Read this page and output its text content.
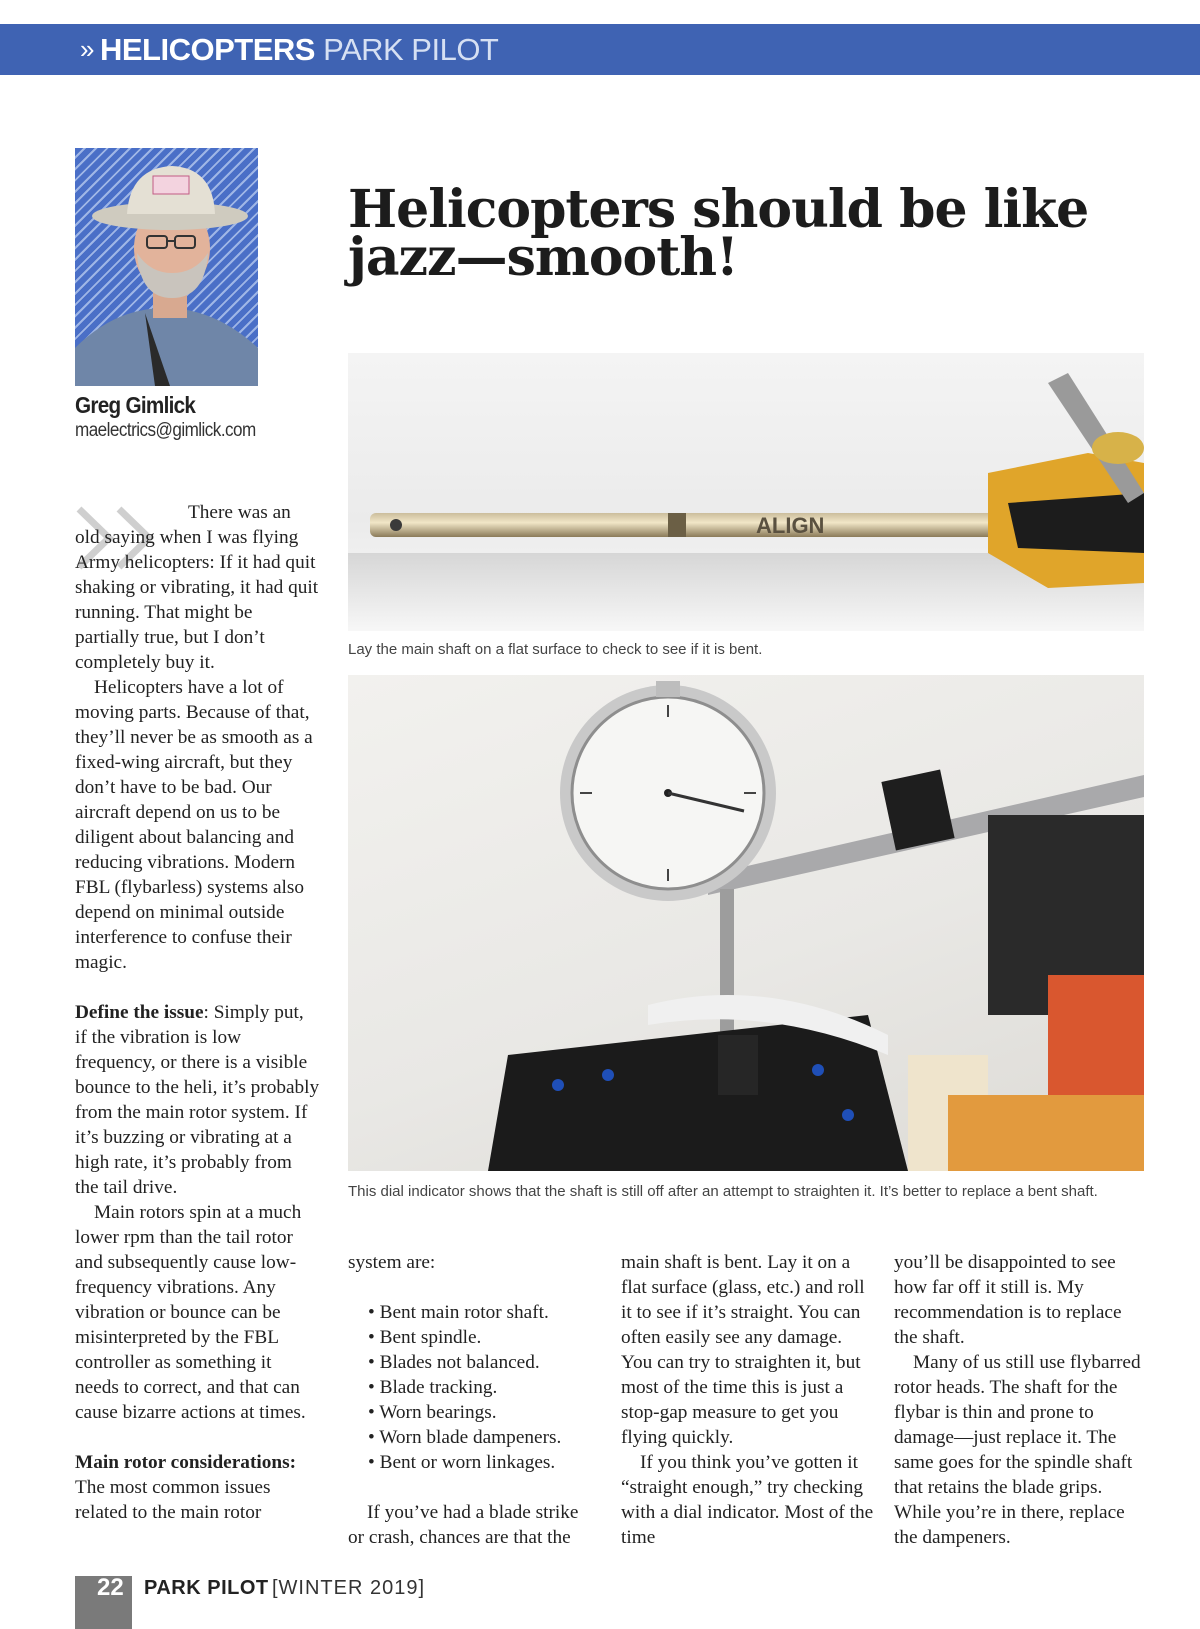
» HELICOPTERS PARK PILOT
Greg Gimlick
maelectrics@gimlick.com
Helicopters should be like jazz—smooth!
ALIGN
Lay the main shaft on a flat surface to check to see if it is bent.
This dial indicator shows that the shaft is still off after an attempt to straighten it. It’s better to replace a bent shaft.

There was an old saying when I was flying Army helicopters: If it had quit shaking or vibrating, it had quit running. That might be partially true, but I don’t completely buy it.

Helicopters have a lot of moving parts. Because of that, they’ll never be as smooth as a fixed-wing aircraft, but they don’t have to be bad. Our aircraft depend on us to be diligent about balancing and reducing vibrations. Modern FBL (flybarless) systems also depend on minimal outside interference to confuse their magic.

Define the issue: Simply put, if the vibration is low frequency, or there is a visible bounce to the heli, it’s probably from the main rotor system. If it’s buzzing or vibrating at a high rate, it’s probably from the tail drive.

Main rotors spin at a much lower rpm than the tail rotor and subsequently cause low-frequency vibrations. Any vibration or bounce can be misinterpreted by the FBL controller as something it needs to correct, and that can cause bizarre actions at times.

Main rotor considerations: The most common issues related to the main rotor

system are:

• Bent main rotor shaft.
• Bent spindle.
• Blades not balanced.
• Blade tracking.
• Worn bearings.
• Worn blade dampeners.
• Bent or worn linkages.

If you’ve had a blade strike or crash, chances are that the

main shaft is bent. Lay it on a flat surface (glass, etc.) and roll it to see if it’s straight. You can often easily see any damage. You can try to straighten it, but most of the time this is just a stop-gap measure to get you flying quickly.

If you think you’ve gotten it “straight enough,” try checking with a dial indicator. Most of the time

you’ll be disappointed to see how far off it still is. My recommendation is to replace the shaft.

Many of us still use flybarred rotor heads. The shaft for the flybar is thin and prone to damage—just replace it. The same goes for the spindle shaft that retains the blade grips. While you’re in there, replace the dampeners.

22 PARK PILOT [WINTER 2019]
